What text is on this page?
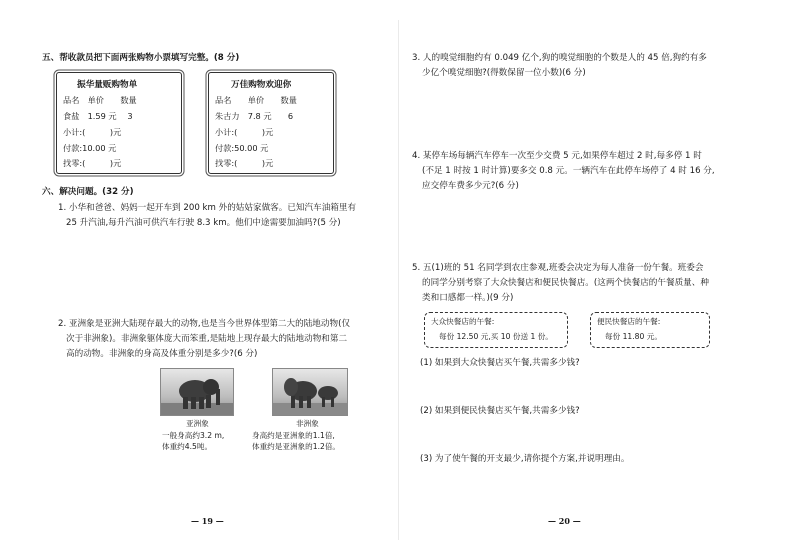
五、帮收款员把下面两张购物小票填写完整。(8 分)
振华量贩购物单
品名　单价　　数量
食盐　1.59 元　 3
小计:(　　　)元
付款:10.00 元
找零:(　　　)元
万佳购物欢迎你
品名　　单价　　数量
朱古力　7.8 元　　6
小计:(　　　)元
付款:50.00 元
找零:(　　　)元
六、解决问题。(32 分)
1. 小华和爸爸、妈妈一起开车到 200 km 外的姑姑家做客。已知汽车油箱里有
25 升汽油,每升汽油可供汽车行驶 8.3 km。他们中途需要加油吗?(5 分)
2. 亚洲象是亚洲大陆现存最大的动物,也是当今世界体型第二大的陆地动物(仅
次于非洲象)。非洲象躯体庞大而笨重,是陆地上现存最大的陆地动物和第二
高的动物。非洲象的身高及体重分别是多少?(6 分)
亚洲象
一般身高约3.2 m,
体重约4.5吨。
非洲象
身高约是亚洲象的1.1倍,
体重约是亚洲象的1.2倍。
— 19 —
3. 人的嗅觉细胞约有 0.049 亿个,狗的嗅觉细胞的个数是人的 45 倍,狗约有多
少亿个嗅觉细胞?(得数保留一位小数)(6 分)
4. 某停车场每辆汽车停车一次至少交费 5 元,如果停车超过 2 时,每多停 1 时
(不足 1 时按 1 时计算)要多交 0.8 元。一辆汽车在此停车场停了 4 时 16 分,
应交停车费多少元?(6 分)
5. 五(1)班的 51 名同学到农庄参观,班委会决定为每人准备一份午餐。班委会
的同学分别考察了大众快餐店和便民快餐店。(这两个快餐店的午餐质量、种
类和口感都一样。)(9 分)
大众快餐店的午餐:
每份 12.50 元,买 10 份送 1 份。
便民快餐店的午餐:
每份 11.80 元。
(1) 如果到大众快餐店买午餐,共需多少钱?
(2) 如果到便民快餐店买午餐,共需多少钱?
(3) 为了使午餐的开支最少,请你提个方案,并说明理由。
— 20 —
